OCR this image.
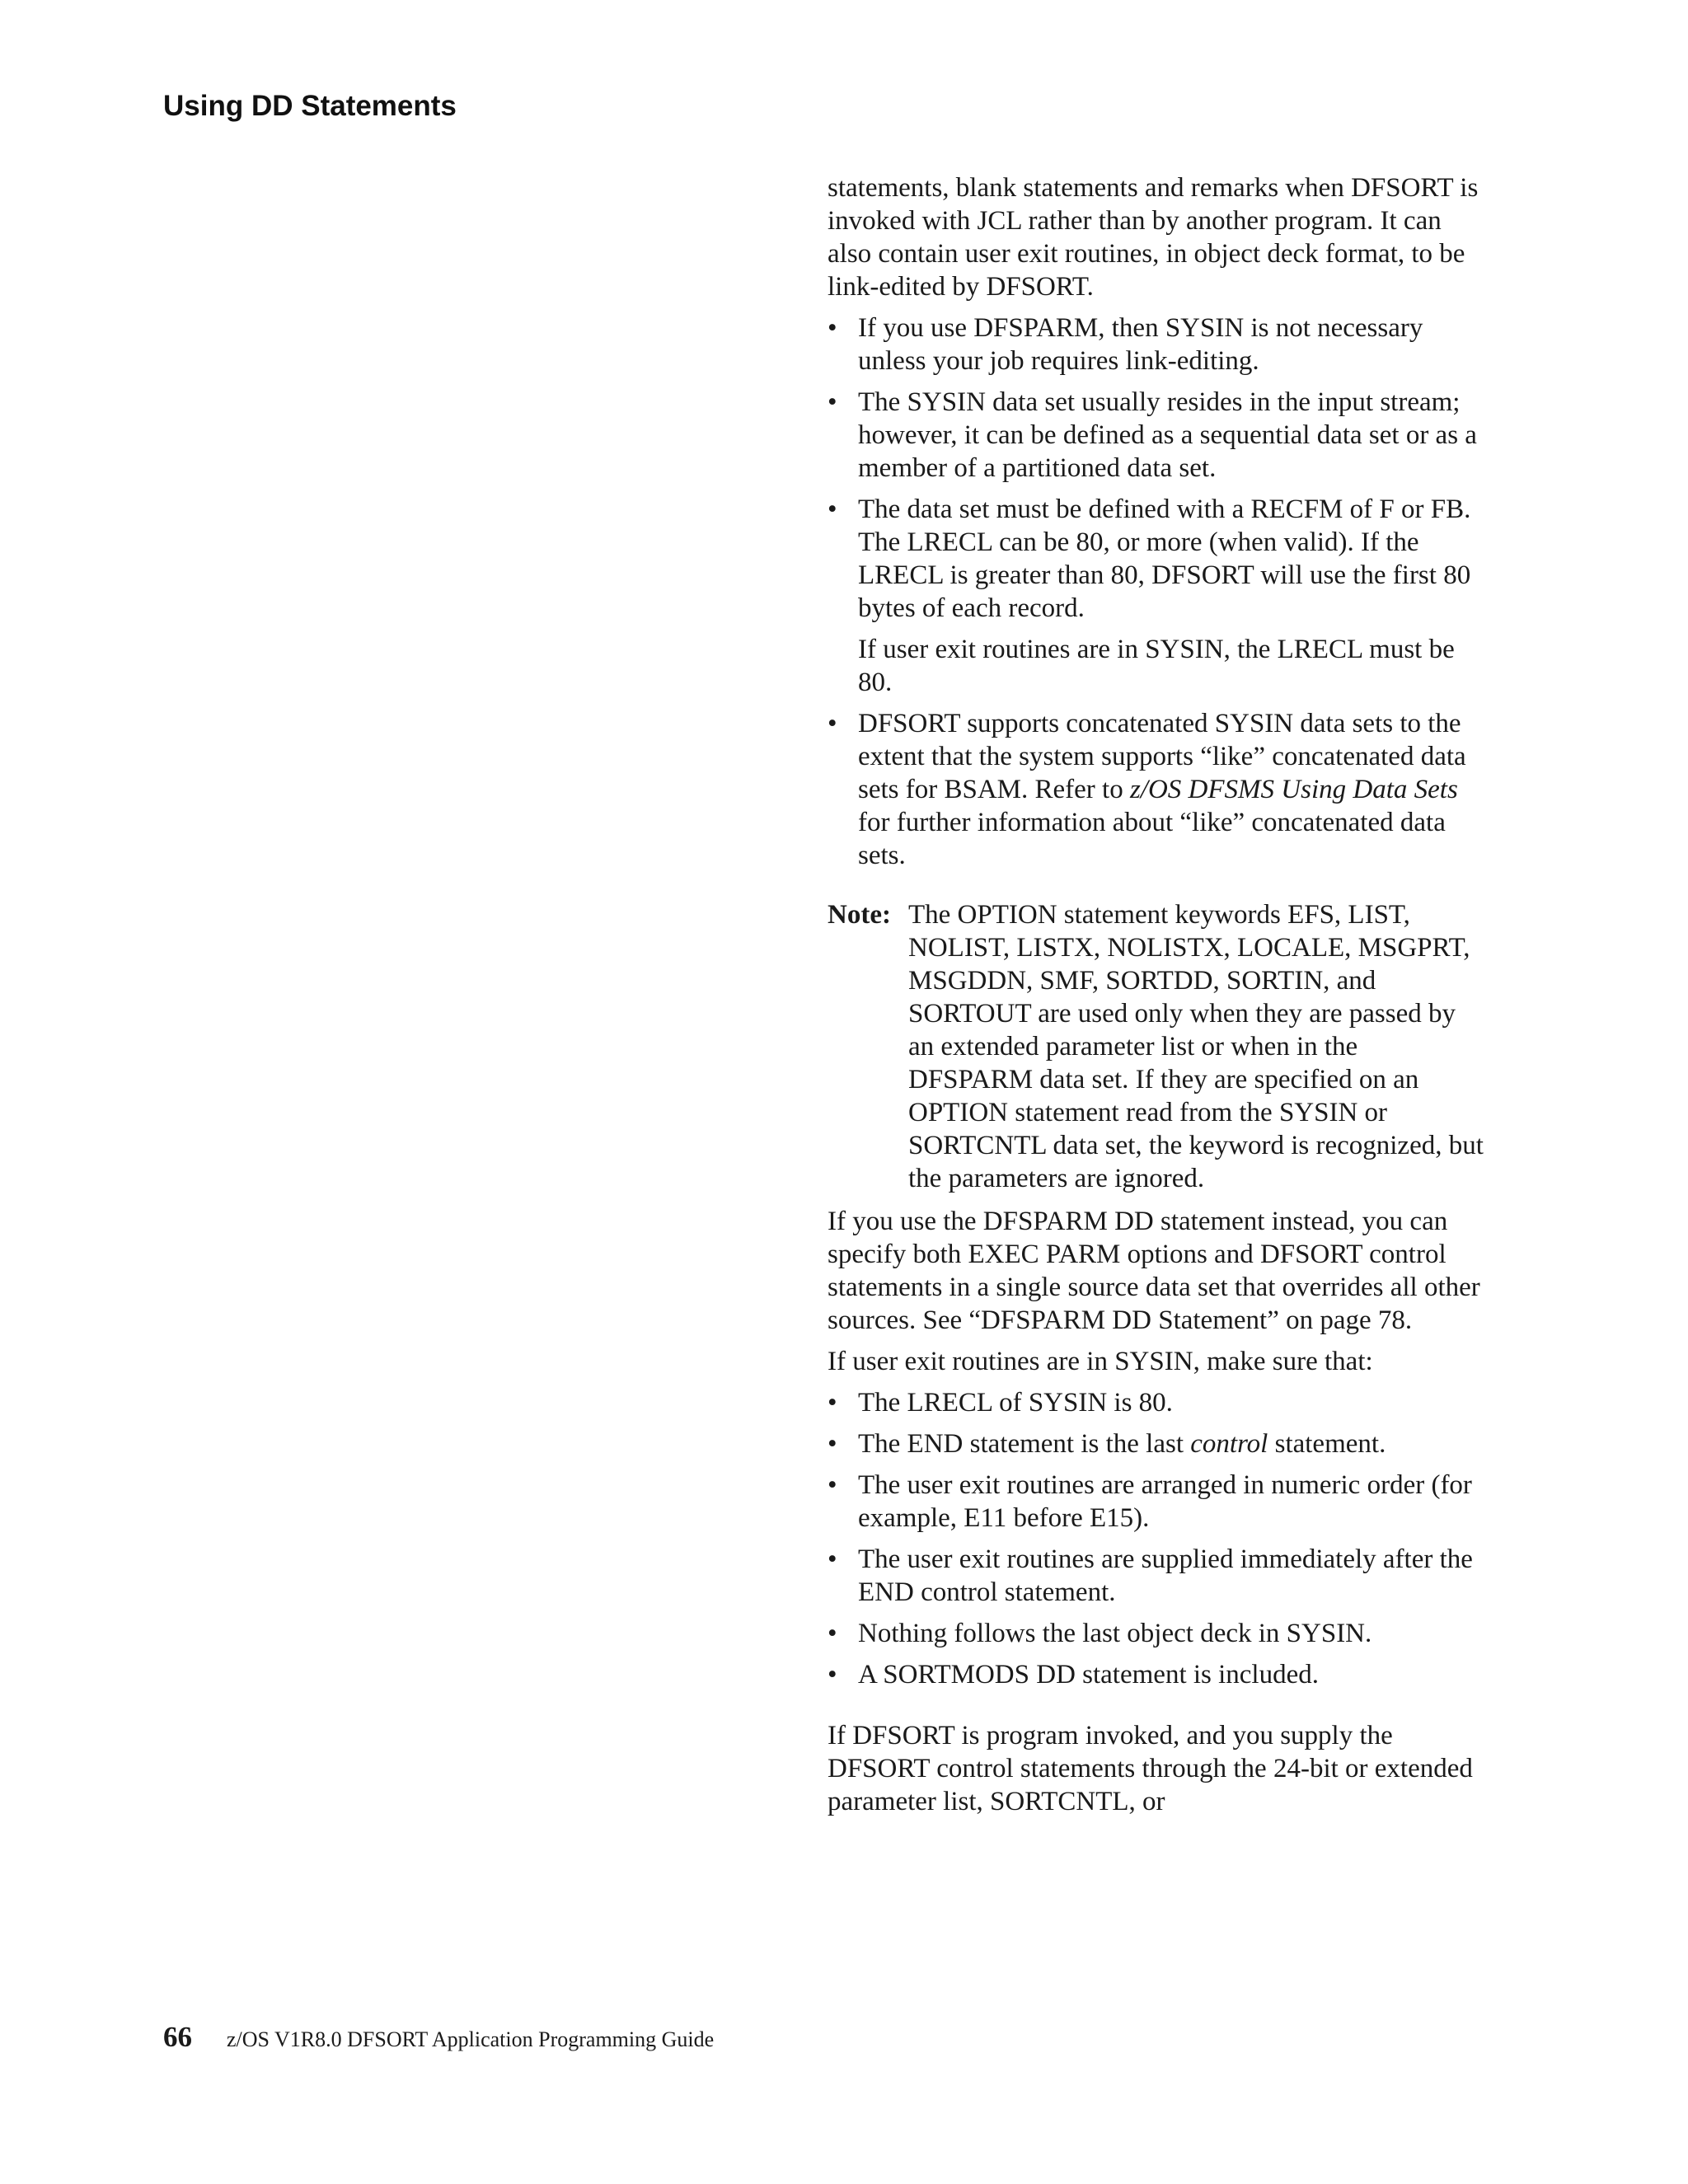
Using DD Statements

statements, blank statements and remarks when DFSORT is invoked with JCL rather than by another program. It can also contain user exit routines, in object deck format, to be link-edited by DFSORT.

• If you use DFSPARM, then SYSIN is not necessary unless your job requires link-editing.
• The SYSIN data set usually resides in the input stream; however, it can be defined as a sequential data set or as a member of a partitioned data set.
• The data set must be defined with a RECFM of F or FB. The LRECL can be 80, or more (when valid). If the LRECL is greater than 80, DFSORT will use the first 80 bytes of each record.

If user exit routines are in SYSIN, the LRECL must be 80.

• DFSORT supports concatenated SYSIN data sets to the extent that the system supports “like” concatenated data sets for BSAM. Refer to z/OS DFSMS Using Data Sets for further information about “like” concatenated data sets.
Note: The OPTION statement keywords EFS, LIST, NOLIST, LISTX, NOLISTX, LOCALE, MSGPRT, MSGDDN, SMF, SORTDD, SORTIN, and SORTOUT are used only when they are passed by an extended parameter list or when in the DFSPARM data set. If they are specified on an OPTION statement read from the SYSIN or SORTCNTL data set, the keyword is recognized, but the parameters are ignored.

If you use the DFSPARM DD statement instead, you can specify both EXEC PARM options and DFSORT control statements in a single source data set that overrides all other sources. See “DFSPARM DD Statement” on page 78.

If user exit routines are in SYSIN, make sure that:

• The LRECL of SYSIN is 80.
• The END statement is the last control statement.
• The user exit routines are arranged in numeric order (for example, E11 before E15).
• The user exit routines are supplied immediately after the END control statement.
• Nothing follows the last object deck in SYSIN.
• A SORTMODS DD statement is included.

If DFSORT is program invoked, and you supply the DFSORT control statements through the 24-bit or extended parameter list, SORTCNTL, or

66 z/OS V1R8.0 DFSORT Application Programming Guide
